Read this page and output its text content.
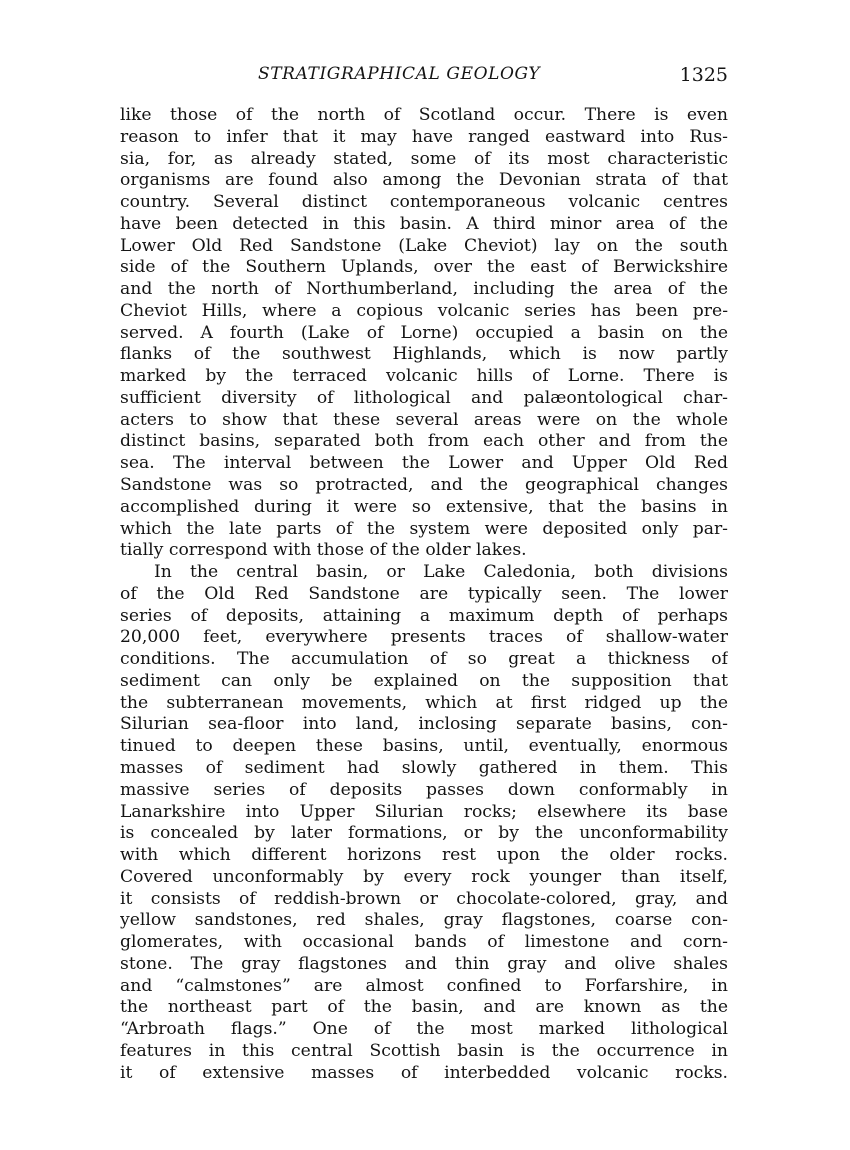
STRATIGRAPHICAL GEOLOGY	1325
like those of the north of Scotland occur. There is even
reason to infer that it may have ranged eastward into Rus-
sia, for, as already stated, some of its most characteristic
organisms are found also among the Devonian strata of that
country. Several distinct contemporaneous volcanic centres
have been detected in this basin. A third minor area of the
Lower Old Red Sandstone (Lake Cheviot) lay on the south
side of the Southern Uplands, over the east of Berwickshire
and the north of Northumberland, including the area of the
Cheviot Hills, where a copious volcanic series has been pre-
served. A fourth (Lake of Lorne) occupied a basin on the
flanks of the southwest Highlands, which is now partly
marked by the terraced volcanic hills of Lorne. There is
sufficient diversity of lithological and palæontological char-
acters to show that these several areas were on the whole
distinct basins, separated both from each other and from the
sea. The interval between the Lower and Upper Old Red
Sandstone was so protracted, and the geographical changes
accomplished during it were so extensive, that the basins in
which the late parts of the system were deposited only par-
tially correspond with those of the older lakes.
In the central basin, or Lake Caledonia, both divisions
of the Old Red Sandstone are typically seen. The lower
series of deposits, attaining a maximum depth of perhaps
20,000 feet, everywhere presents traces of shallow-water
conditions. The accumulation of so great a thickness of
sediment can only be explained on the supposition that
the subterranean movements, which at first ridged up the
Silurian sea-floor into land, inclosing separate basins, con-
tinued to deepen these basins, until, eventually, enormous
masses of sediment had slowly gathered in them. This
massive series of deposits passes down conformably in
Lanarkshire into Upper Silurian rocks; elsewhere its base
is concealed by later formations, or by the unconformability
with which different horizons rest upon the older rocks.
Covered unconformably by every rock younger than itself,
it consists of reddish-brown or chocolate-colored, gray, and
yellow sandstones, red shales, gray flagstones, coarse con-
glomerates, with occasional bands of limestone and corn-
stone. The gray flagstones and thin gray and olive shales
and “calmstones” are almost confined to Forfarshire, in
the northeast part of the basin, and are known as the
“Arbroath flags.” One of the most marked lithological
features in this central Scottish basin is the occurrence in
it of extensive masses of interbedded volcanic rocks.
